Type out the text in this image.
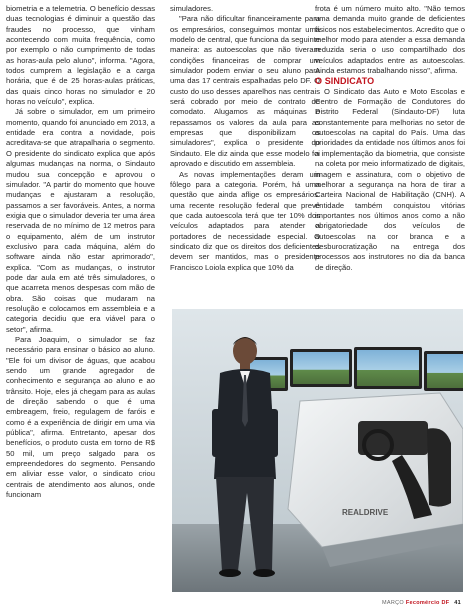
biometria e a telemetria. O benefício dessas duas tecnologias é diminuir a questão das fraudes no processo, que vinham acontecendo com muita frequência, como por exemplo o não cumprimento de todas as horas-aula pelo aluno", informa. "Agora, todos cumprem a legislação e a carga horária, que é de 25 horas-aulas práticas, das quais cinco horas no simulador e 20 horas no veículo", explica.

Já sobre o simulador, em um primeiro momento, quando foi anunciado em 2013, a entidade era contra a novidade, pois acreditava-se que atrapalharia o segmento. O presidente do sindicato explica que após algumas mudanças na norma, o Sindauto mudou sua concepção e aprovou o simulador. "A partir do momento que houve mudanças e ajustaram a resolução, passamos a ser favoráveis. Antes, a norma exigia que o simulador deveria ter uma área reservada de no mínimo de 12 metros para o equipamento, além de um instrutor exclusivo para cada máquina, além do software ainda não estar aprimorado", explica. "Com as mudanças, o instrutor pode dar aula em até três simuladores, o que acarreta menos despesas com mão de obra. São coisas que mudaram na resolução e colocamos em assembleia e a categoria decidiu que era viável para o setor", afirma.

Para Joaquim, o simulador se faz necessário para ensinar o básico ao aluno. "Ele foi um divisor de águas, que acabou sendo um grande agregador de conhecimento e segurança ao aluno e ao trânsito. Hoje, eles já chegam para as aulas de direção sabendo o que é uma embreagem, freio, regulagem de faróis e como é a experiência de dirigir em uma via pública", afirma. Entretanto, apesar dos benefícios, o produto custa em torno de R$ 50 mil, um preço salgado para os empreendedores do segmento. Pensando em aliviar esse valor, o sindicato criou centrais de atendimento aos alunos, onde funcionam

simuladores.

"Para não dificultar financeiramente para os empresários, conseguimos montar uma modelo de central, que funciona da seguinte maneira: as autoescolas que não tiveram condições financeiras de comprar um simulador podem enviar o seu aluno para uma das 17 centrais espalhadas pelo DF. O custo do uso desses aparelhos nas centrais será cobrado por meio de contrato de comodato. Alugamos as máquinas e repassamos os valores da aula para as empresas que disponibilizam os simuladores", explica o presidente do Sindauto. Ele diz ainda que esse modelo foi aprovado e discutido em assembleia.

As novas implementações deram um fôlego para a categoria. Porém, há uma questão que ainda aflige os empresários: uma recente resolução federal que prevê que cada autoescola terá que ter 10% dos veículos adaptados para atender a portadores de necessidade especial. O sindicato diz que os direitos dos deficientes devem ser mantidos, mas o presidente Francisco Loiola explica que 10% da

frota é um número muito alto. "Não temos uma demanda muito grande de deficientes físicos nos estabelecimentos. Acredito que o melhor modo para atender a essa demanda reduzida seria o uso compartilhado dos veículos adaptados entre as autoescolas. Ainda estamos trabalhando nisso", afirma.

O SINDICATO

O Sindicato das Auto e Moto Escolas e Centro de Formação de Condutores do Distrito Federal (Sindauto-DF) luta constantemente para melhorias no setor de autoescolas na capital do País. Uma das prioridades da entidade nos últimos anos foi a implementação da biometria, que consiste na coleta por meio informatizado de digitais, imagem e assinatura, com o objetivo de melhorar a segurança na hora de tirar a Carteira Nacional de Habilitação (CNH). A entidade também conquistou vitórias importantes nos últimos anos como a não obrigatoriedade dos veículos de autoescolas na cor branca e a desburocratização na entrega dos processos aos instrutores no dia da banca de direção.

REALDRIVE
MARÇO Fecomércio DF 41
